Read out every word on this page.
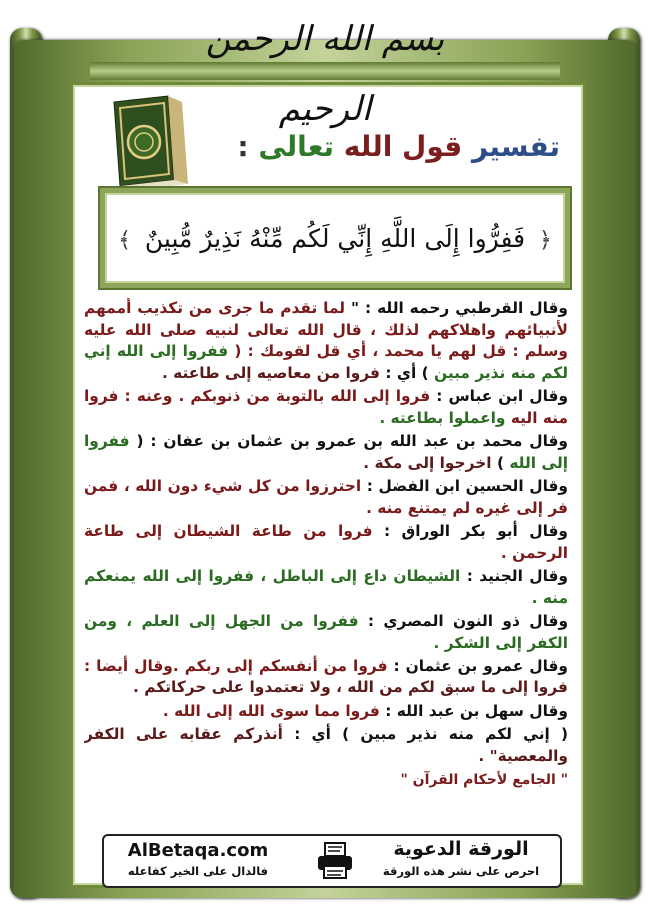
بسم الله الرحمن الرحيم
تفسير قول الله تعالى :
﴿ فَفِرُّوا إِلَى اللَّهِ إِنِّي لَكُم مِّنْهُ نَذِيرٌ مُّبِينٌ ﴾

وقال القرطبي رحمه الله : " لما تقدم ما جرى من تكذيب أممهم لأنبيائهم واهلاكهم لذلك ، قال الله تعالى لنبيه صلى الله عليه وسلم : قل لهم يا محمد ، أي قل لقومك : ( ففروا إلى الله إني لكم منه نذير مبين ) أي : فروا من معاصيه إلى طاعته .

وقال ابن عباس : فروا إلى الله بالتوبة من ذنوبكم . وعنه : فروا منه اليه واعملوا بطاعته .

وقال محمد بن عبد الله بن عمرو بن عثمان بن عفان : ( ففروا إلى الله ) اخرجوا إلى مكة .

وقال الحسين ابن الفضل : احترزوا من كل شيء دون الله ، فمن فر إلى غيره لم يمتنع منه .

وقال أبو بكر الوراق : فروا من طاعة الشيطان إلى طاعة الرحمن .

وقال الجنيد : الشيطان داع إلى الباطل ، ففروا إلى الله يمنعكم منه .

وقال ذو النون المصري : ففروا من الجهل إلى العلم ، ومن الكفر إلى الشكر .

وقال عمرو بن عثمان : فروا من أنفسكم إلى ربكم .وقال أيضا : فروا إلى ما سبق لكم من الله ، ولا تعتمدوا على حركاتكم .

وقال سهل بن عبد الله : فروا مما سوى الله إلى الله .

( إني لكم منه نذير مبين ) أي : أنذركم عقابه على الكفر والمعصية" .

" الجامع لأحكام القرآن "

AlBetaqa.com
فالدال على الخير كفاعله
الورقة الدعوية
احرص على نشر هذه الورقة
